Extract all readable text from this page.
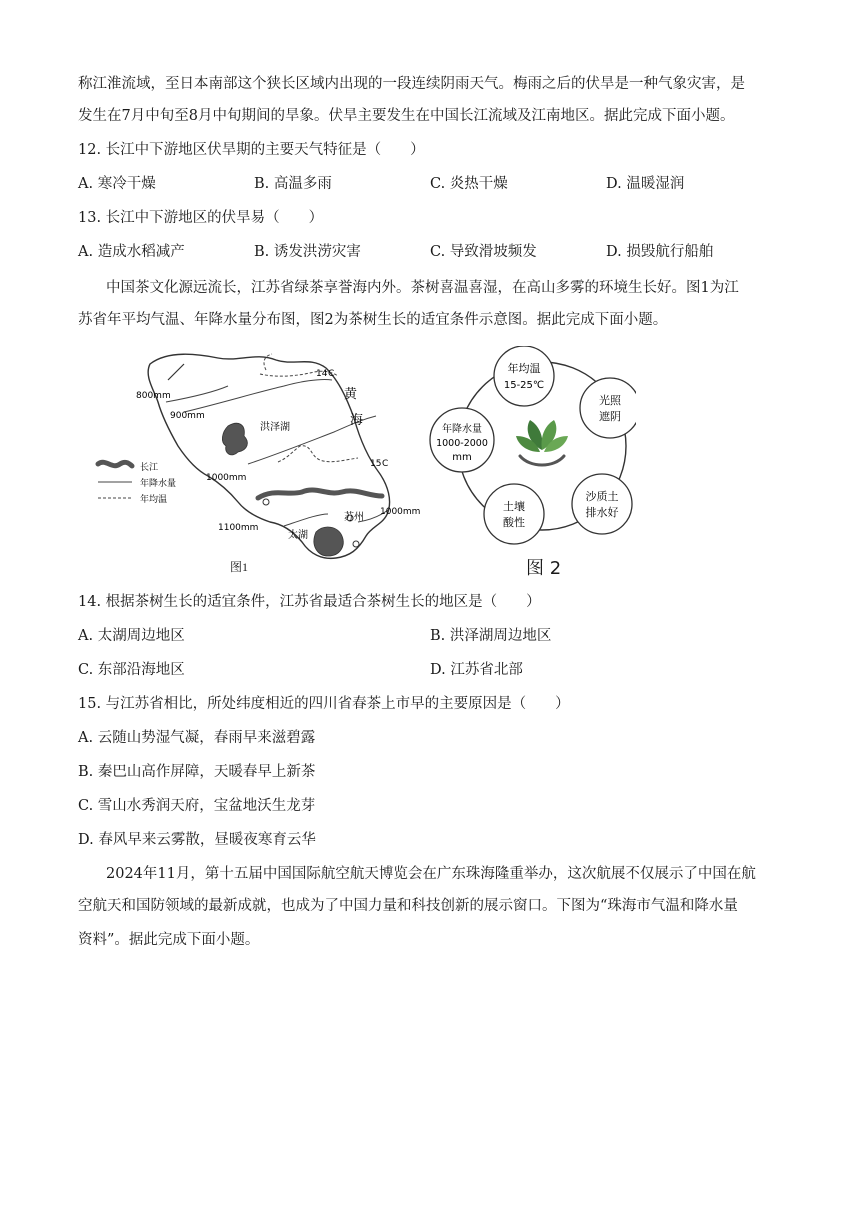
称江淮流域，至日本南部这个狭长区域内出现的一段连续阴雨天气。梅雨之后的伏旱是一种气象灾害，是
发生在7月中旬至8月中旬期间的旱象。伏旱主要发生在中国长江流域及江南地区。据此完成下面小题。
12. 长江中下游地区伏旱期的主要天气特征是（　　）
A. 寒冷干燥	B. 高温多雨	C. 炎热干燥	D. 温暖湿润
13. 长江中下游地区的伏旱易（　　）
A. 造成水稻减产	B. 诱发洪涝灾害	C. 导致滑坡频发	D. 损毁航行船舶
中国茶文化源远流长，江苏省绿茶享誉海内外。茶树喜温喜湿，在高山多雾的环境生长好。图1为江
苏省年平均气温、年降水量分布图，图2为茶树生长的适宜条件示意图。据此完成下面小题。
800mm
900mm
1000mm
1100mm
1000mm
14 C
15 C
黄
海
洪泽湖
太湖
苏州
长江
年降水量
年均温
图1
年均温
15-25℃
光照
遮阴
沙质土
排水好
土壤
酸性
年降水量
1000-2000
mm
图 2
14. 根据茶树生长的适宜条件，江苏省最适合茶树生长的地区是（　　）
A. 太湖周边地区	B. 洪泽湖周边地区
C. 东部沿海地区	D. 江苏省北部
15. 与江苏省相比，所处纬度相近的四川省春茶上市早的主要原因是（　　）
A. 云随山势湿气凝，春雨早来滋碧露
B. 秦巴山高作屏障，天暖春早上新茶
C. 雪山水秀润天府，宝盆地沃生龙芽
D. 春风早来云雾散，昼暖夜寒育云华
2024年11月，第十五届中国国际航空航天博览会在广东珠海隆重举办，这次航展不仅展示了中国在航
空航天和国防领域的最新成就，也成为了中国力量和科技创新的展示窗口。下图为“珠海市气温和降水量
资料”。据此完成下面小题。
